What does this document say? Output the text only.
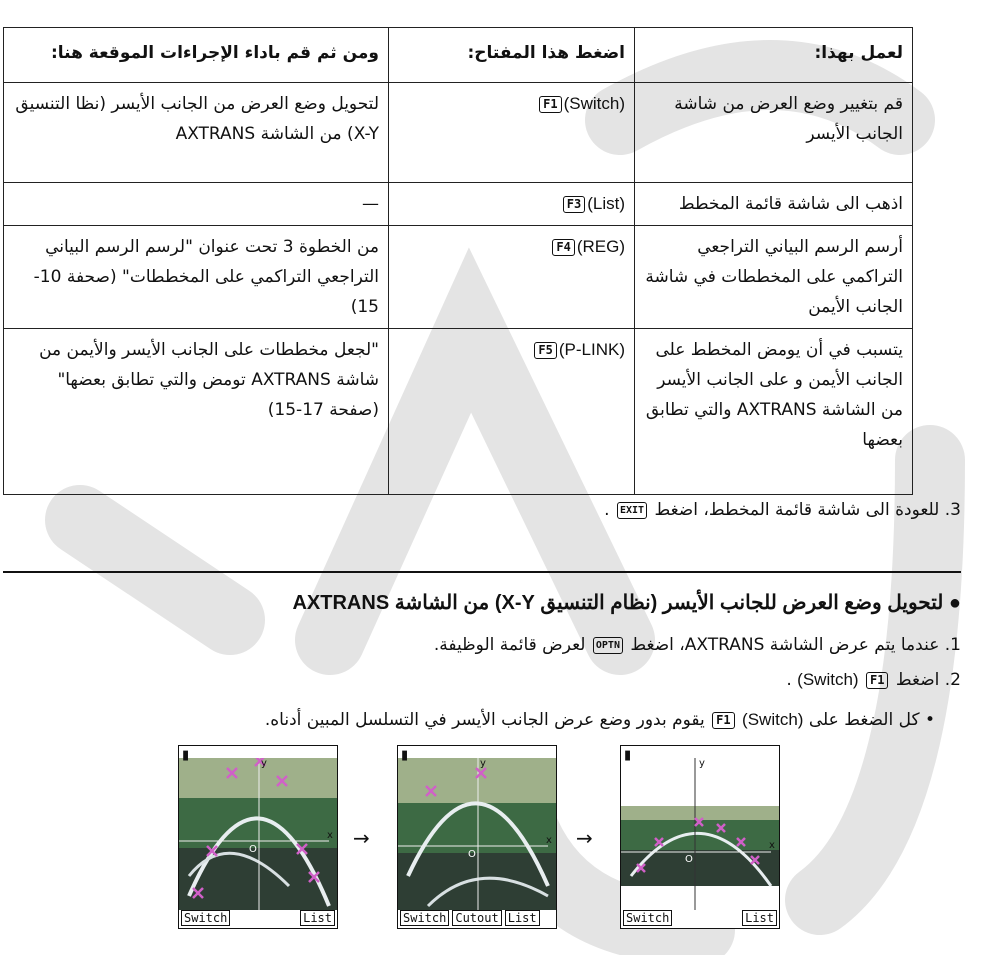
لعمل بهذا:	اضغط هذا المفتاح:	ومن ثم قم باداء الإجراءات الموقعة هنا:
قم بتغيير وضع العرض من شاشة الجانب الأيسر	F1 (Switch)	لتحويل وضع العرض من الجانب الأيسر (نظا التنسيق X-Y) من الشاشة AXTRANS
اذهب الى شاشة قائمة المخطط	F3 (List)	—
أرسم الرسم البياني التراجعي التراكمي على المخططات في شاشة الجانب الأيمن	F4 (REG)	من الخطوة 3 تحت عنوان "لرسم الرسم البياني التراجعي التراكمي على المخططات" (صحفة 10-15)
يتسبب في أن يومض المخطط على الجانب الأيمن و على الجانب الأيسر من الشاشة AXTRANS والتي تطابق بعضها	F5 (P-LINK)	"لجعل مخططات على الجانب الأيسر والأيمن من شاشة AXTRANS تومض والتي تطابق بعضها" (صفحة 17-15)
3. للعودة الى شاشة قائمة المخطط، اضغط EXIT .
● لتحويل وضع العرض للجانب الأيسر (نظام التنسيق X-Y) من الشاشة AXTRANS
1. عندما يتم عرض الشاشة AXTRANS، اضغط OPTN لعرض قائمة الوظيفة.
2. اضغط F1 (Switch) .
• كل الضغط على (Switch) F1 يقوم بدور وضع عرض الجانب الأيسر في التسلسل المبين أدناه.
▮
Switch	List
y
x
O	→
▮
Switch Cutout List
y
x
O
→
▮
Switch	List
y
x
O
